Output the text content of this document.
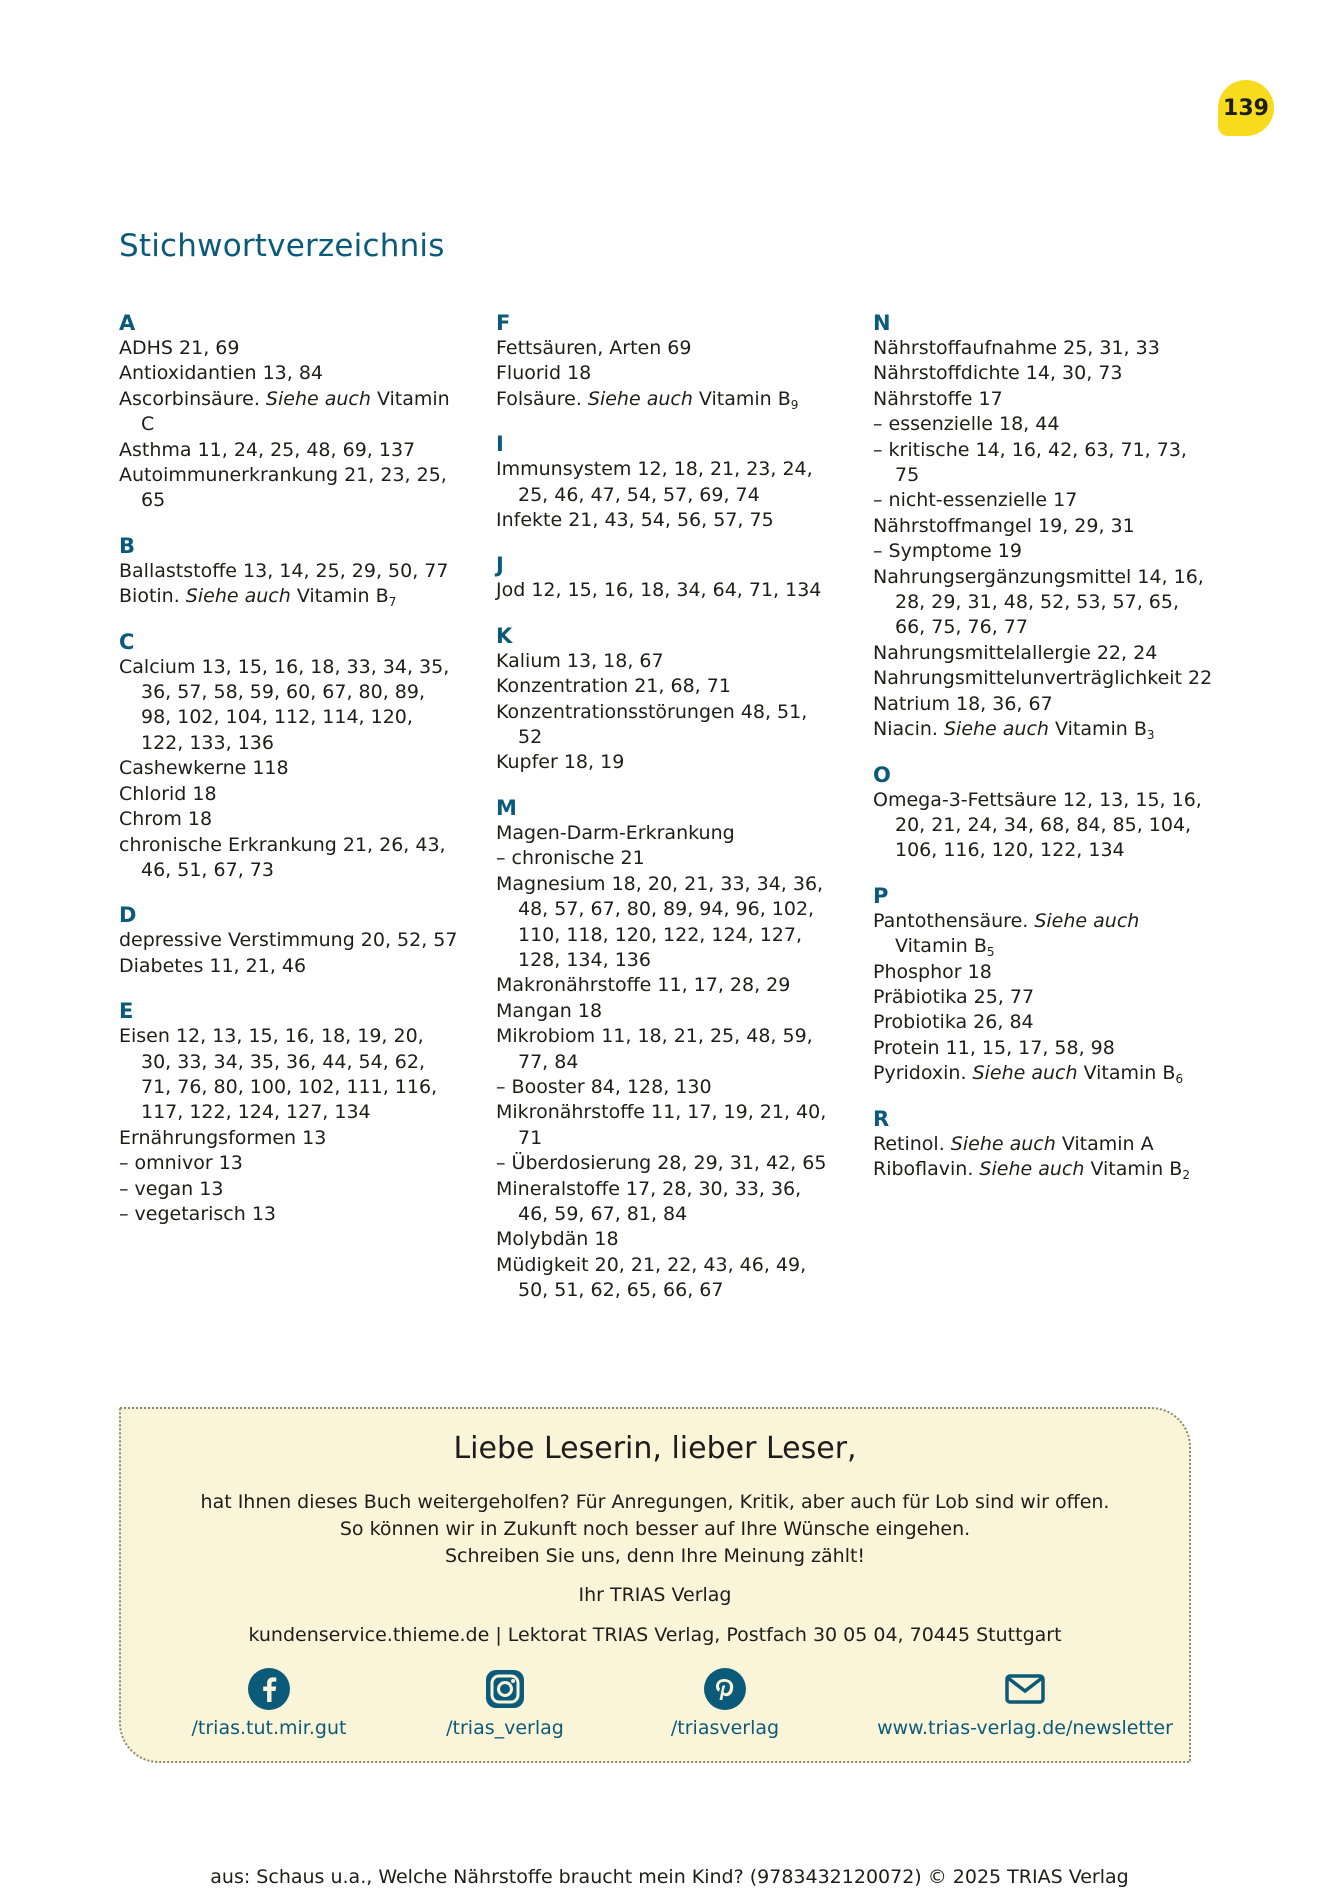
139
Stichwortverzeichnis
A
ADHS 21, 69
Antioxidantien 13, 84
Ascorbinsäure. Siehe auch Vitamin C
Asthma 11, 24, 25, 48, 69, 137
Autoimmunerkrankung 21, 23, 25, 65
B
Ballaststoffe 13, 14, 25, 29, 50, 77
Biotin. Siehe auch Vitamin $B_7$
C
Calcium 13, 15, 16, 18, 33, 34, 35, 36, 57, 58, 59, 60, 67, 80, 89, 98, 102, 104, 112, 114, 120, 122, 133, 136
Cashewkerne 118
Chlorid 18
Chrom 18
chronische Erkrankung 21, 26, 43, 46, 51, 67, 73
D
depressive Verstimmung 20, 52, 57
Diabetes 11, 21, 46
E
Eisen 12, 13, 15, 16, 18, 19, 20, 30, 33, 34, 35, 36, 44, 54, 62, 71, 76, 80, 100, 102, 111, 116, 117, 122, 124, 127, 134
Ernährungsformen 13
– omnivor 13
– vegan 13
– vegetarisch 13
F
Fettsäuren, Arten 69
Fluorid 18
Folsäure. Siehe auch Vitamin $B_9$
I
Immunsystem 12, 18, 21, 23, 24, 25, 46, 47, 54, 57, 69, 74
Infekte 21, 43, 54, 56, 57, 75
J
Jod 12, 15, 16, 18, 34, 64, 71, 134
K
Kalium 13, 18, 67
Konzentration 21, 68, 71
Konzentrationsstörungen 48, 51, 52
Kupfer 18, 19
M
Magen-Darm-Erkrankung
– chronische 21
Magnesium 18, 20, 21, 33, 34, 36, 48, 57, 67, 80, 89, 94, 96, 102, 110, 118, 120, 122, 124, 127, 128, 134, 136
Makronährstoffe 11, 17, 28, 29
Mangan 18
Mikrobiom 11, 18, 21, 25, 48, 59, 77, 84
– Booster 84, 128, 130
Mikronährstoffe 11, 17, 19, 21, 40, 71
– Überdosierung 28, 29, 31, 42, 65
Mineralstoffe 17, 28, 30, 33, 36, 46, 59, 67, 81, 84
Molybdän 18
Müdigkeit 20, 21, 22, 43, 46, 49, 50, 51, 62, 65, 66, 67
N
Nährstoffaufnahme 25, 31, 33
Nährstoffdichte 14, 30, 73
Nährstoffe 17
– essenzielle 18, 44
– kritische 14, 16, 42, 63, 71, 73, 75
– nicht-essenzielle 17
Nährstoffmangel 19, 29, 31
– Symptome 19
Nahrungsergänzungsmittel 14, 16, 28, 29, 31, 48, 52, 53, 57, 65, 66, 75, 76, 77
Nahrungsmittelallergie 22, 24
Nahrungsmittelunverträglichkeit 22
Natrium 18, 36, 67
Niacin. Siehe auch Vitamin $B_3$
O
Omega-3-Fettsäure 12, 13, 15, 16, 20, 21, 24, 34, 68, 84, 85, 104, 106, 116, 120, 122, 134
P
Pantothensäure. Siehe auch Vitamin $B_5$
Phosphor 18
Präbiotika 25, 77
Probiotika 26, 84
Protein 11, 15, 17, 58, 98
Pyridoxin. Siehe auch Vitamin $B_6$
R
Retinol. Siehe auch Vitamin A
Riboflavin. Siehe auch Vitamin $B_2$
Liebe Leserin, lieber Leser,
hat Ihnen dieses Buch weitergeholfen? Für Anregungen, Kritik, aber auch für Lob sind wir offen.
So können wir in Zukunft noch besser auf Ihre Wünsche eingehen.
Schreiben Sie uns, denn Ihre Meinung zählt!
Ihr TRIAS Verlag
kundenservice.thieme.de | Lektorat TRIAS Verlag, Postfach 30 05 04, 70445 Stuttgart
/trias.tut.mir.gut	/trias_verlag	/triasverlag	www.trias-verlag.de/newsletter
aus: Schaus u.a., Welche Nährstoffe braucht mein Kind? (9783432120072) © 2025 TRIAS Verlag
